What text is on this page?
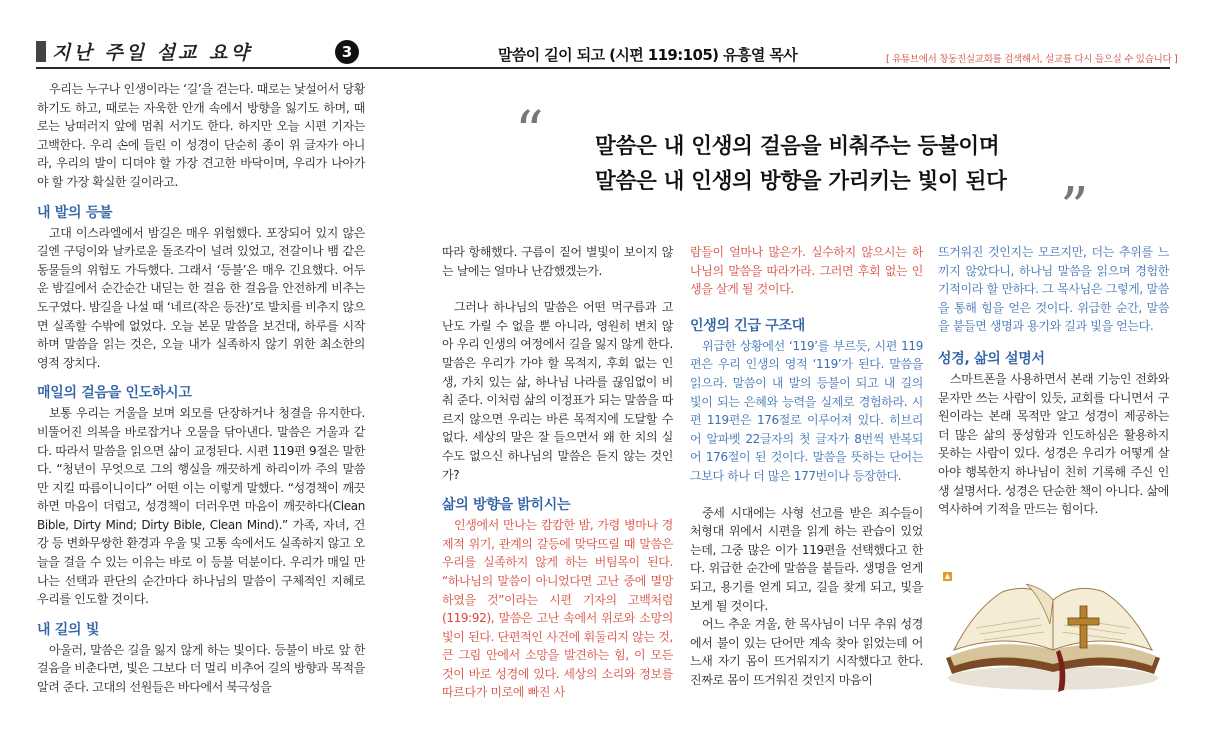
지난 주일 설교 요약	3	말씀이 길이 되고 (시편 119:105) 유흥열 목사	[ 유튜브에서 창동진실교회를 검색해서, 설교를 다시 들으실 수 있습니다 ]

우리는 누구나 인생이라는 ‘길’을 걷는다. 때로는 낯설어서 당황하기도 하고, 때로는 자욱한 안개 속에서 방향을 잃기도 하며, 때로는 낭떠러지 앞에 멈춰 서기도 한다. 하지만 오늘 시편 기자는 고백한다. 우리 손에 들린 이 성경이 단순히 종이 위 글자가 아니라, 우리의 발이 디뎌야 할 가장 견고한 바닥이며, 우리가 나아가야 할 가장 확실한 길이라고.

내 발의 등불

고대 이스라엘에서 밤길은 매우 위험했다. 포장되어 있지 않은 길엔 구덩이와 날카로운 돌조각이 널려 있었고, 전갈이나 뱀 같은 동물들의 위험도 가득했다. 그래서 ‘등불’은 매우 긴요했다. 어두운 밤길에서 순간순간 내딛는 한 걸음 한 걸음을 안전하게 비추는 도구였다. 밤길을 나설 때 ‘네르(작은 등잔)’로 발치를 비추지 않으면 실족할 수밖에 없었다. 오늘 본문 말씀을 보건대, 하루를 시작하며 말씀을 읽는 것은, 오늘 내가 실족하지 않기 위한 최소한의 영적 장치다.

매일의 걸음을 인도하시고

보통 우리는 거울을 보며 외모를 단장하거나 청결을 유지한다. 비뚤어진 의복을 바로잡거나 오물을 닦아낸다. 말씀은 거울과 같다. 따라서 말씀을 읽으면 삶이 교정된다. 시편 119편 9절은 말한다. “청년이 무엇으로 그의 행실을 깨끗하게 하리이까 주의 말씀만 지킬 따름이니이다” 어떤 이는 이렇게 말했다. “성경책이 깨끗하면 마음이 더럽고, 성경책이 더러우면 마음이 깨끗하다(Clean Bible, Dirty Mind; Dirty Bible, Clean Mind).” 가족, 자녀, 건강 등 변화무쌍한 환경과 우울 및 고통 속에서도 실족하지 않고 오늘을 걸을 수 있는 이유는 바로 이 등불 덕분이다. 우리가 매일 만나는 선택과 판단의 순간마다 하나님의 말씀이 구체적인 지혜로 우리를 인도할 것이다.

내 길의 빛

아울러, 말씀은 길을 잃지 않게 하는 빛이다. 등불이 바로 앞 한 걸음을 비춘다면, 빛은 그보다 더 멀리 비추어 길의 방향과 목적을 알려 준다. 고대의 선원들은 바다에서 북극성을

“ 말씀은 내 인생의 걸음을 비춰주는 등불이며
말씀은 내 인생의 방향을 가리키는 빛이 된다 ”

따라 항해했다. 구름이 짙어 별빛이 보이지 않는 날에는 얼마나 난감했겠는가.

그러나 하나님의 말씀은 어떤 먹구름과 고난도 가릴 수 없을 뿐 아니라, 영원히 변치 않아 우리 인생의 여정에서 길을 잃지 않게 한다. 말씀은 우리가 가야 할 목적지, 후회 없는 인생, 가치 있는 삶, 하나님 나라를 끊임없이 비춰 준다. 이처럼 삶의 이정표가 되는 말씀을 따르지 않으면 우리는 바른 목적지에 도달할 수 없다. 세상의 말은 잘 들으면서 왜 한 치의 실수도 없으신 하나님의 말씀은 듣지 않는 것인가?

삶의 방향을 밝히시는

인생에서 만나는 캄캄한 밤, 가령 병마나 경제적 위기, 관계의 갈등에 맞닥뜨릴 때 말씀은 우리를 실족하지 않게 하는 버팀목이 된다. “하나님의 말씀이 아니었다면 고난 중에 멸망하였을 것”이라는 시편 기자의 고백처럼(119:92), 말씀은 고난 속에서 위로와 소망의 빛이 된다. 단편적인 사건에 휘둘리지 않는 것, 큰 그림 안에서 소망을 발견하는 힘, 이 모든 것이 바로 성경에 있다. 세상의 소리와 정보를 따르다가 미로에 빠진 사

람들이 얼마나 많은가. 실수하지 않으시는 하나님의 말씀을 따라가라. 그러면 후회 없는 인생을 살게 될 것이다.

인생의 긴급 구조대

위급한 상황에선 ‘119’를 부르듯, 시편 119편은 우리 인생의 영적 ‘119’가 된다. 말씀을 읽으라. 말씀이 내 발의 등불이 되고 내 길의 빛이 되는 은혜와 능력을 실제로 경험하라. 시편 119편은 176절로 이루어져 있다. 히브리어 알파벳 22글자의 첫 글자가 8번씩 반복되어 176절이 된 것이다. 말씀을 뜻하는 단어는 그보다 하나 더 많은 177번이나 등장한다.

중세 시대에는 사형 선고를 받은 죄수들이 처형대 위에서 시편을 읽게 하는 관습이 있었는데, 그중 많은 이가 119편을 선택했다고 한다. 위급한 순간에 말씀을 붙들라. 생명을 얻게 되고, 용기를 얻게 되고, 길을 찾게 되고, 빛을 보게 될 것이다.

어느 추운 겨울, 한 목사님이 너무 추워 성경에서 불이 있는 단어만 계속 찾아 읽었는데 어느새 자기 몸이 뜨거워지기 시작했다고 한다. 진짜로 몸이 뜨거워진 것인지 마음이

뜨거워진 것인지는 모르지만, 더는 추위를 느끼지 않았다니, 하나님 말씀을 읽으며 경험한 기적이라 할 만하다. 그 목사님은 그렇게, 말씀을 통해 힘을 얻은 것이다. 위급한 순간, 말씀을 붙들면 생명과 용기와 길과 빛을 얻는다.

성경, 삶의 설명서

스마트폰을 사용하면서 본래 기능인 전화와 문자만 쓰는 사람이 있듯, 교회를 다니면서 구원이라는 본래 목적만 알고 성경이 제공하는 더 많은 삶의 풍성함과 인도하심은 활용하지 못하는 사람이 있다. 성경은 우리가 어떻게 살아야 행복한지 하나님이 친히 기록해 주신 인생 설명서다. 성경은 단순한 책이 아니다. 삶에 역사하여 기적을 만드는 힘이다.

▲
